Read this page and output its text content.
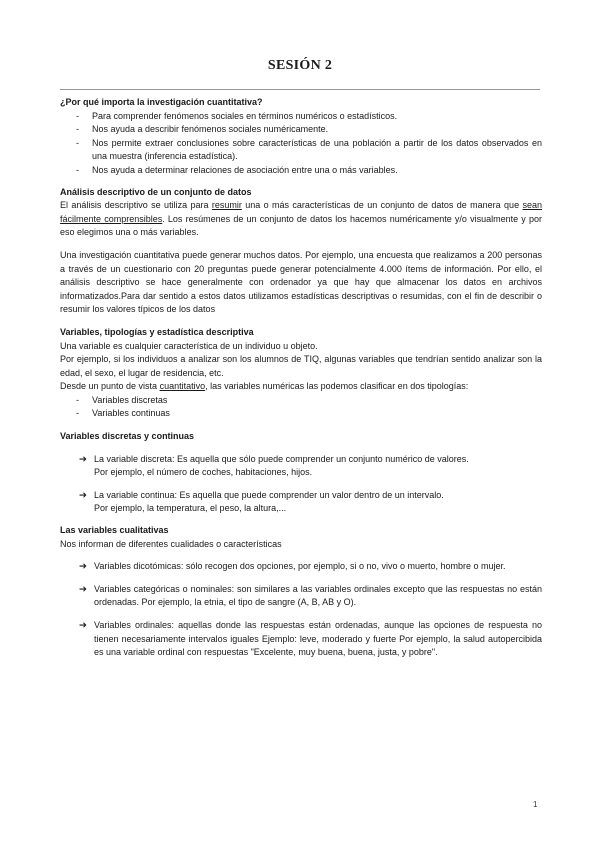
SESIÓN 2
¿Por qué importa la investigación cuantitativa?
-	Para comprender fenómenos sociales en términos numéricos o estadísticos.
-	Nos ayuda a describir fenómenos sociales numéricamente.
-	Nos permite extraer conclusiones sobre características de una población a partir de los datos observados en una muestra (inferencia estadística).
-	Nos ayuda a determinar relaciones de asociación entre una o más variables.
Análisis descriptivo de un conjunto de datos

El análisis descriptivo se utiliza para resumir una o más características de un conjunto de datos de manera que sean fácilmente comprensibles. Los resúmenes de un conjunto de datos los hacemos numéricamente y/o visualmente y por eso elegimos una o más variables.

Una investigación cuantitativa puede generar muchos datos. Por ejemplo, una encuesta que realizamos a 200 personas a través de un cuestionario con 20 preguntas puede generar potencialmente 4.000 ítems de información. Por ello, el análisis descriptivo se hace generalmente con ordenador ya que hay que almacenar los datos en archivos informatizados.Para dar sentido a estos datos utilizamos estadísticas descriptivas o resumidas, con el fin de describir o resumir los valores típicos de los datos

Variables, tipologías y estadística descriptiva

Una variable es cualquier característica de un individuo u objeto.

Por ejemplo, si los individuos a analizar son los alumnos de TIQ, algunas variables que tendrían sentido analizar son la edad, el sexo, el lugar de residencia, etc.

Desde un punto de vista cuantitativo, las variables numéricas las podemos clasificar en dos tipologías:

-	Variables discretas
-	Variables continuas
Variables discretas y continuas
➔ La variable discreta: Es aquella que sólo puede comprender un conjunto numérico de valores.
Por ejemplo, el número de coches, habitaciones, hijos.
➔ La variable continua: Es aquella que puede comprender un valor dentro de un intervalo.
Por ejemplo, la temperatura, el peso, la altura,...
Las variables cualitativas

Nos informan de diferentes cualidades o características

➔ Variables dicotómicas: sólo recogen dos opciones, por ejemplo, si o no, vivo o muerto, hombre o mujer.
➔ Variables categóricas o nominales: son similares a las variables ordinales excepto que las respuestas no están ordenadas. Por ejemplo, la etnia, el tipo de sangre (A, B, AB y O).
➔ Variables ordinales: aquellas donde las respuestas están ordenadas, aunque las opciones de respuesta no tienen necesariamente intervalos iguales Ejemplo: leve, moderado y fuerte Por ejemplo, la salud autopercibida es una variable ordinal con respuestas "Excelente, muy buena, buena, justa, y pobre".
1
